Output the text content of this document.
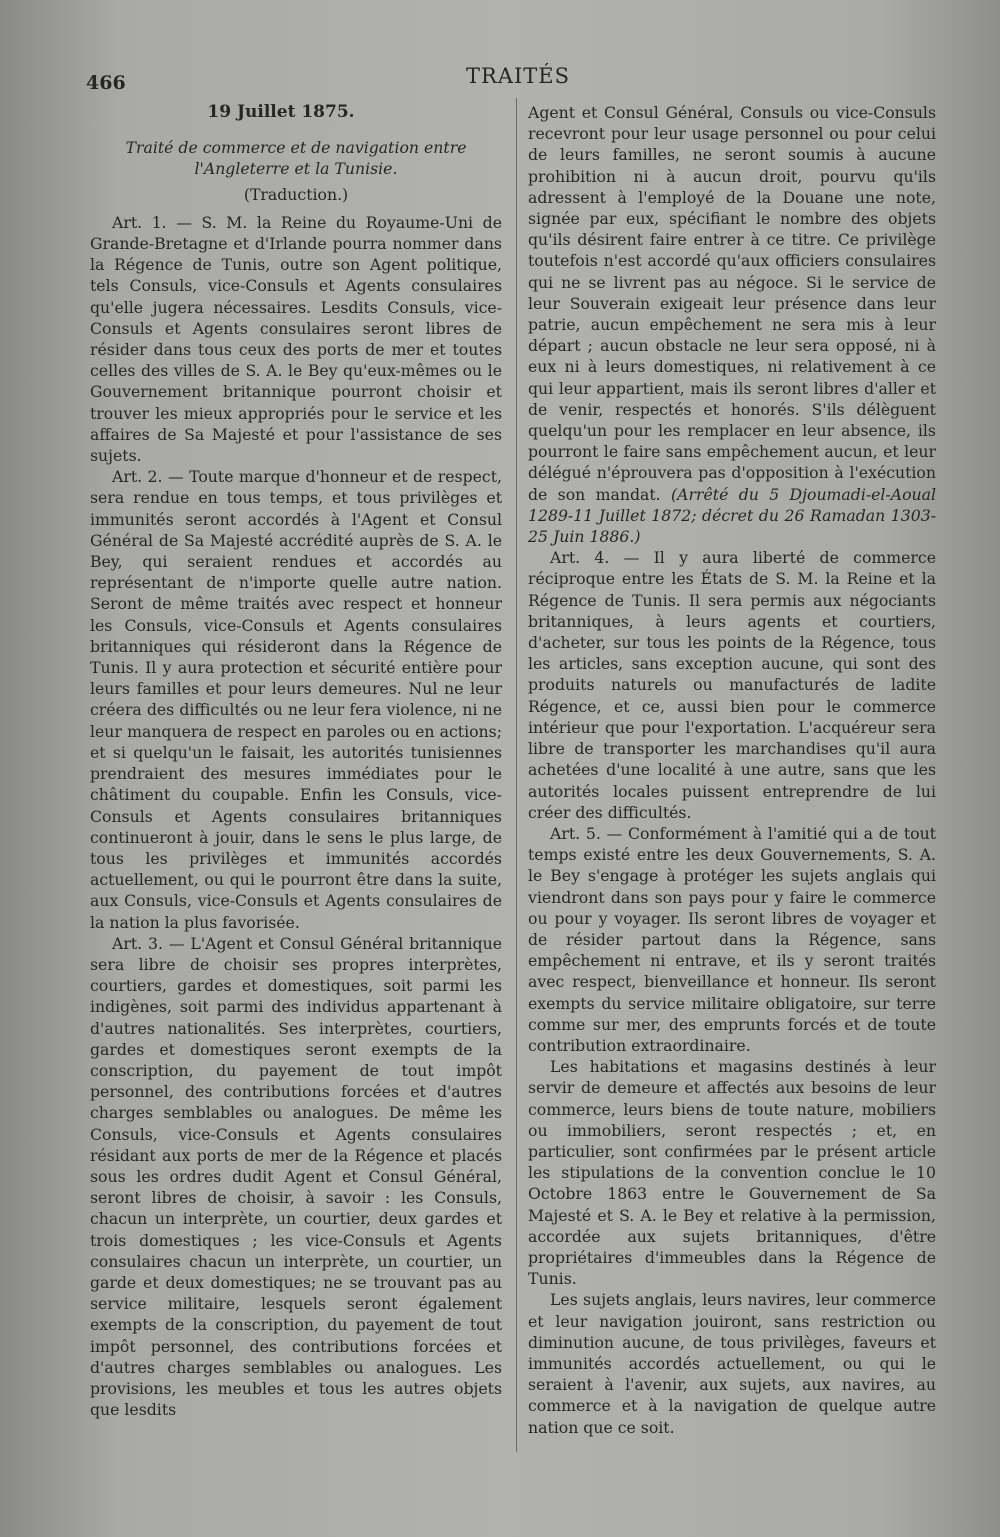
466	TRAITÉS
19 Juillet 1875.
Traité de commerce et de navigation entre l'Angleterre et la Tunisie.
(Traduction.)

Art. 1. — S. M. la Reine du Royaume-Uni de Grande-Bretagne et d'Irlande pourra nommer dans la Régence de Tunis, outre son Agent politique, tels Consuls, vice-Consuls et Agents consulaires qu'elle jugera nécessaires. Lesdits Consuls, vice-Consuls et Agents consulaires seront libres de résider dans tous ceux des ports de mer et toutes celles des villes de S. A. le Bey qu'eux-mêmes ou le Gouvernement britannique pourront choisir et trouver les mieux appropriés pour le service et les affaires de Sa Majesté et pour l'assistance de ses sujets.

Art. 2. — Toute marque d'honneur et de respect, sera rendue en tous temps, et tous privilèges et immunités seront accordés à l'Agent et Consul Général de Sa Majesté accrédité auprès de S. A. le Bey, qui seraient rendues et accordés au représentant de n'importe quelle autre nation. Seront de même traités avec respect et honneur les Consuls, vice-Consuls et Agents consulaires britanniques qui résideront dans la Régence de Tunis. Il y aura protection et sécurité entière pour leurs familles et pour leurs demeures. Nul ne leur créera des difficultés ou ne leur fera violence, ni ne leur manquera de respect en paroles ou en actions; et si quelqu'un le faisait, les autorités tunisiennes prendraient des mesures immédiates pour le châtiment du coupable. Enfin les Consuls, vice-Consuls et Agents consulaires britanniques continueront à jouir, dans le sens le plus large, de tous les privilèges et immunités accordés actuellement, ou qui le pourront être dans la suite, aux Consuls, vice-Consuls et Agents consulaires de la nation la plus favorisée.

Art. 3. — L'Agent et Consul Général britannique sera libre de choisir ses propres interprètes, courtiers, gardes et domestiques, soit parmi les indigènes, soit parmi des individus appartenant à d'autres nationalités. Ses interprètes, courtiers, gardes et domestiques seront exempts de la conscription, du payement de tout impôt personnel, des contributions forcées et d'autres charges semblables ou analogues. De même les Consuls, vice-Consuls et Agents consulaires résidant aux ports de mer de la Régence et placés sous les ordres dudit Agent et Consul Général, seront libres de choisir, à savoir : les Consuls, chacun un interprète, un courtier, deux gardes et trois domestiques ; les vice-Consuls et Agents consulaires chacun un interprète, un courtier, un garde et deux domestiques; ne se trouvant pas au service militaire, lesquels seront également exempts de la conscription, du payement de tout impôt personnel, des contributions forcées et d'autres charges semblables ou analogues. Les provisions, les meubles et tous les autres objets que lesdits

Agent et Consul Général, Consuls ou vice-Consuls recevront pour leur usage personnel ou pour celui de leurs familles, ne seront soumis à aucune prohibition ni à aucun droit, pourvu qu'ils adressent à l'employé de la Douane une note, signée par eux, spécifiant le nombre des objets qu'ils désirent faire entrer à ce titre. Ce privilège toutefois n'est accordé qu'aux officiers consulaires qui ne se livrent pas au négoce. Si le service de leur Souverain exigeait leur présence dans leur patrie, aucun empêchement ne sera mis à leur départ ; aucun obstacle ne leur sera opposé, ni à eux ni à leurs domestiques, ni relativement à ce qui leur appartient, mais ils seront libres d'aller et de venir, respectés et honorés. S'ils délèguent quelqu'un pour les remplacer en leur absence, ils pourront le faire sans empêchement aucun, et leur délégué n'éprouvera pas d'opposition à l'exécution de son mandat. (Arrêté du 5 Djoumadi-el-Aoual 1289-11 Juillet 1872; décret du 26 Ramadan 1303-25 Juin 1886.)

Art. 4. — Il y aura liberté de commerce réciproque entre les États de S. M. la Reine et la Régence de Tunis. Il sera permis aux négociants britanniques, à leurs agents et courtiers, d'acheter, sur tous les points de la Régence, tous les articles, sans exception aucune, qui sont des produits naturels ou manufacturés de ladite Régence, et ce, aussi bien pour le commerce intérieur que pour l'exportation. L'acquéreur sera libre de transporter les marchandises qu'il aura achetées d'une localité à une autre, sans que les autorités locales puissent entreprendre de lui créer des difficultés.

Art. 5. — Conformément à l'amitié qui a de tout temps existé entre les deux Gouvernements, S. A. le Bey s'engage à protéger les sujets anglais qui viendront dans son pays pour y faire le commerce ou pour y voyager. Ils seront libres de voyager et de résider partout dans la Régence, sans empêchement ni entrave, et ils y seront traités avec respect, bienveillance et honneur. Ils seront exempts du service militaire obligatoire, sur terre comme sur mer, des emprunts forcés et de toute contribution extraordinaire.

Les habitations et magasins destinés à leur servir de demeure et affectés aux besoins de leur commerce, leurs biens de toute nature, mobiliers ou immobiliers, seront respectés ; et, en particulier, sont confirmées par le présent article les stipulations de la convention conclue le 10 Octobre 1863 entre le Gouvernement de Sa Majesté et S. A. le Bey et relative à la permission, accordée aux sujets britanniques, d'être propriétaires d'immeubles dans la Régence de Tunis.

Les sujets anglais, leurs navires, leur commerce et leur navigation jouiront, sans restriction ou diminution aucune, de tous privilèges, faveurs et immunités accordés actuellement, ou qui le seraient à l'avenir, aux sujets, aux navires, au commerce et à la navigation de quelque autre nation que ce soit.
